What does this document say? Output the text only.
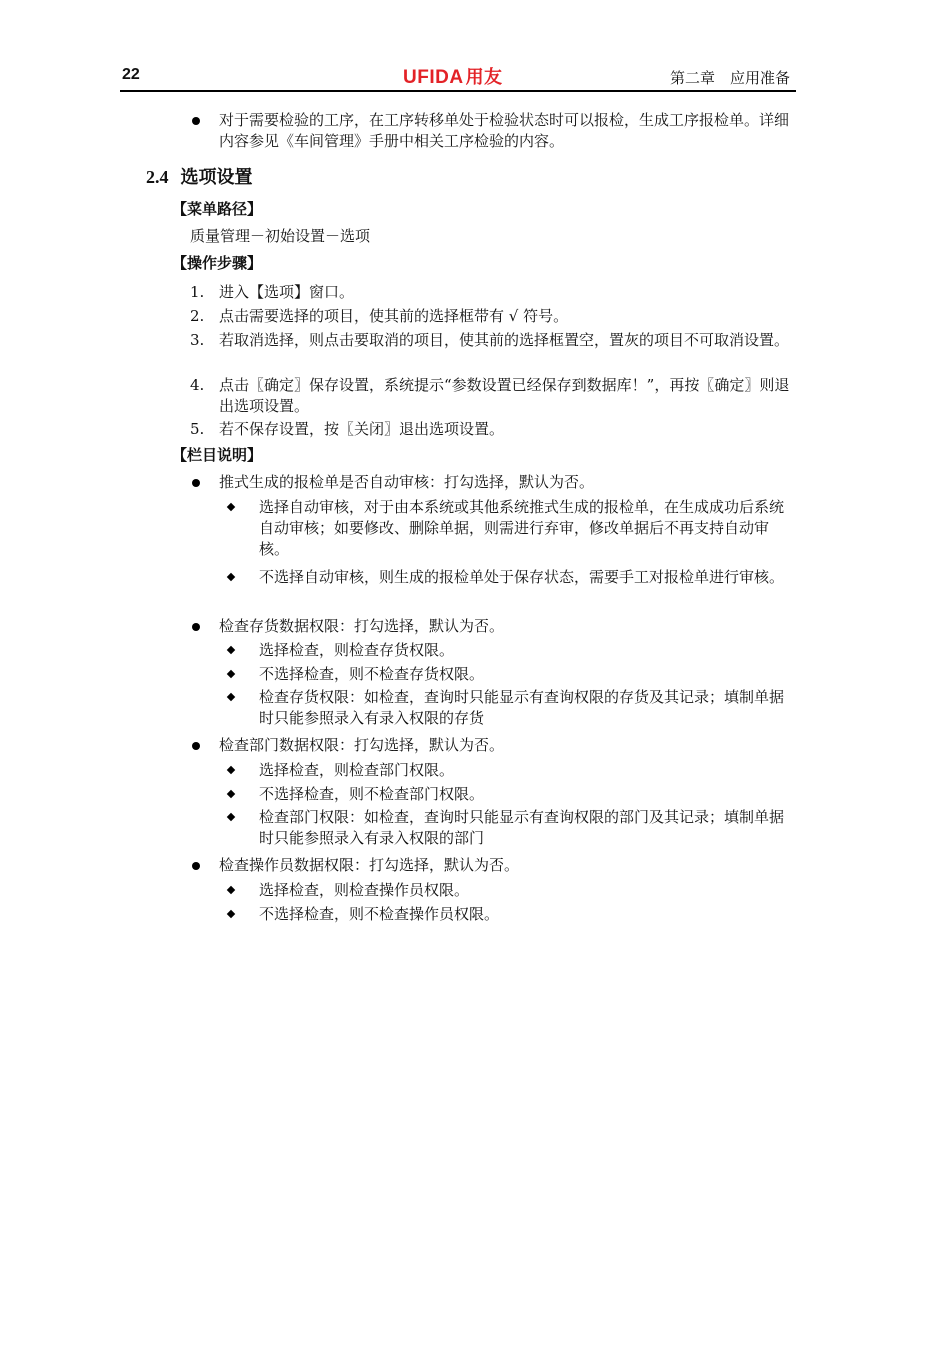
22	UFIDA 用友	第二章　应用准备
对于需要检验的工序，在工序转移单处于检验状态时可以报检，生成工序报检单。详细内容参见《车间管理》手册中相关工序检验的内容。
2.4 选项设置
【菜单路径】
质量管理－初始设置－选项
【操作步骤】
1. 进入【选项】窗口。
2. 点击需要选择的项目，使其前的选择框带有 √ 符号。
3. 若取消选择，则点击要取消的项目，使其前的选择框置空，置灰的项目不可取消设置。
4. 点击〖确定〗保存设置，系统提示“参数设置已经保存到数据库！”，再按〖确定〗则退出选项设置。
5. 若不保存设置，按〖关闭〗退出选项设置。
【栏目说明】
推式生成的报检单是否自动审核：打勾选择，默认为否。
选择自动审核，对于由本系统或其他系统推式生成的报检单，在生成成功后系统自动审核；如要修改、删除单据，则需进行弃审，修改单据后不再支持自动审核。
不选择自动审核，则生成的报检单处于保存状态，需要手工对报检单进行审核。
检查存货数据权限：打勾选择，默认为否。
选择检查，则检查存货权限。
不选择检查，则不检查存货权限。
检查存货权限：如检查，查询时只能显示有查询权限的存货及其记录；填制单据时只能参照录入有录入权限的存货
检查部门数据权限：打勾选择，默认为否。
选择检查，则检查部门权限。
不选择检查，则不检查部门权限。
检查部门权限：如检查，查询时只能显示有查询权限的部门及其记录；填制单据时只能参照录入有录入权限的部门
检查操作员数据权限：打勾选择，默认为否。
选择检查，则检查操作员权限。
不选择检查，则不检查操作员权限。
